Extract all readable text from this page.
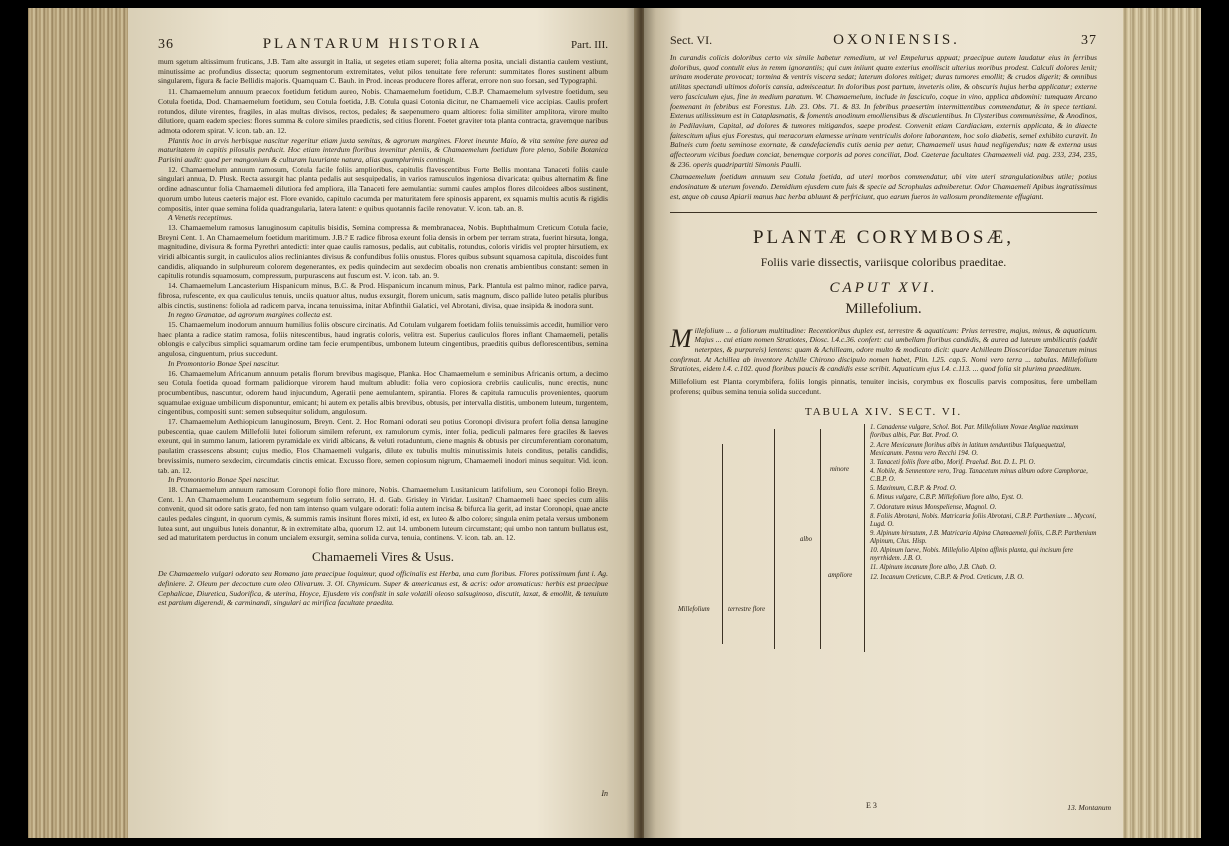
36	PLANTARUM HISTORIA	Part. III.

mum sgetum altissimum fruticans, J.B. Tam alte assurgit in Italia, ut segetes etiam superet; folia alterna posita, unciali distantia caulem vestiunt, minutissime ac profundius dissecta; quorum segmentorum extremitates, velut pilos tenuitate fere referunt: summitates flores sustinent album singularem, figura & facie Bellidis majoris. Quamquam C. Bauh. in Prod. inceas producere flores afferat, errore non suo forsan, sed Typographi.

11. Chamaemelum annuum praecox foetidum fetidum aureo, Nobis. Chamaemelum foetidum, C.B.P. Chamaemelum sylvestre foetidum, seu Cotula foetida, Dod. Chamaemelum foetidum, seu Cotula foetida, J.B. Cotula quasi Cotonia dicitur, ne Chamaemeli vice accipias. Caulis profert rotundos, dilute virentes, fragiles, in alas multas divisos, rectos, pedales; & saepenumero quam altiores: folia similiter amplitora, virore multo dilutiore, quam eadem species: flores summa & colore similes praedictis, sed citius florent. Foetet graviter tota planta contracta, gravemque naribus admota odorem spirat. V. icon. tab. an. 12.

Plantis hoc in arvis herbisque nascitur regeritur etiam juxta semitas, & agrorum margines. Floret ineunte Maio, & vita semine fere aurea ad maturitatem in capitis pilosulis perducit. Hoc etiam interdum floribus invenitur pleniis, & Chamaemelum foetidum flore pleno, Sobile Botanica Parisini audit: quod per mangonium & culturam luxuriante natura, alias quamplurimis contingit.

12. Chamaemelum annuum ramosum, Cotula facile foliis amplioribus, capitulis flavescentibus Forte Bellis montana Tanaceti foliis caule singulari annua, D. Plusk. Recta assurgit hac planta pedalis aut sesquipedalis, in varios ramusculos ingeniosa divaricata: quibus alternatim & fine ordine adnascuntur folia Chamaemeli dilutiora fed ampliora, illa Tanaceti fere aemulantia: summi caules amplos flores dilcoidees albos sustinent, quorum umbo luteus caeteris major est. Flore evanido, capitulo cacumda per maturitatem fere spinosis apparent, ex squamis multis acutis & rigidis compositis, inter quae semina folida quadrangularia, latera latent: e quibus quotannis facile renovatur. V. icon. tab. an. 8.

A Venetis receptimus.

13. Chamaemelum ramosus lanuginosum capitulis bisidis, Semina compressa & membranacea, Nobis. Buphthalmum Creticum Cotula facie, Breyni Cent. 1. An Chamaemelum foetidum maritimum. J.B.? E radice fibrosa exeunt folia densis in orbem per terram strata, fuerint hirsuta, longa, magnitudine, divisura & forma Pyrethri antedicti: inter quae caulis ramosus, pedalis, aut cubitalis, rotundus, coloris viridis vel propter hirsutiem, ex viridi albicantis surgit, in cauliculos alios recliniantes divisus & confundibus foliis onustus. Flores quibus subsunt squamosa capitula, discoides funt candidis, aliquando in sulphureum colorem degenerantes, ex pedis quindecim aut sexdecim oboalis non crenatis ambientibus constant: semen in capitulis rotundis squamosum, compressum, purpurascens aut fuscum est. V. icon. tab. an. 9.

14. Chamaemelum Lancasterium Hispanicum minus, B.C. & Prod. Hispanicum incanum minus, Park. Plantula est palmo minor, radice parva, fibrosa, rufescente, ex qua cauliculus tenuis, unciis quatuor altus, nudus exsurgit, florem unicum, satis magnum, disco pallide luteo petalis pluribus albis cinctis, sustinens: foliola ad radicem parva, incana tenuissima, initar Abfinthii Galatici, vel Abrotani, divisa, quae insipida & inodora sunt.

In regno Granatae, ad agrorum margines collecta est.

15. Chamaemelum inodorum annuum humilius foliis obscure circinatis. Ad Cotulam vulgarem foetidam foliis tenuissimis accedit, humilior vero haec planta a radice statim ramosa, foliis nitescentibus, haud ingratis coloris, velitra est. Superius cauliculos flores inflant Chamaemeli, petalis oblongis e calycibus simplici squamarum ordine tam fecie erumpentibus, umbonem luteum cingentibus, praeditis quibus deflorescentibus, semina angulosa, cinguentum, prius succedunt.

In Promontorio Bonae Spei nascitur.

16. Chamaemelum Africanum annuum petalis florum brevibus magisque, Planka. Hoc Chamaemelum e seminibus Africanis ortum, a decimo seu Cotula foetida quoad formam palidiorque virorem haud multum abludit: folia vero copiosiora crebriis cauliculis, nunc erectis, nunc procumbentibus, nascuntur, odorem haud injucundum, Ageratii pene aemulantem, spirantia. Flores & capitula ramuculis provenientes, quorum squamulae exiguae umbilicum disponuntur, emicant; hi autem ex petalis albis brevibus, obtusis, per intervalla distitis, umbonem luteum, turgentem, cingentibus, compositi sunt: semen subsequitur solidum, angulosum.

17. Chamaemelum Aethiopicum lanuginosum, Breyn. Cent. 2. Hoc Romani odorati seu potius Coronopi divisura profert folia densa lanugine pubescentia, quae caulem Millefolii lutei foliorum similem referunt, ex ramulorum cymis, inter folia, pediculi palmares fere graciles & laeves exeunt, qui in summo lanum, latiorem pyramidale ex viridi albicans, & veluti rotaduntum, ciene magnis & obtusis per circumferentiam coronatum, paulatim crassescens absunt; cujus medio, Flos Chamaemeli vulgaris, dilute ex tubulis multis minutissimis luteis conditus, petalis candidis, brevissimis, numero sexdecim, circumdatis cinctis emicat. Excusso flore, semen copiosum nigrum, Chamaemeli inodori minus sequitur. Vid. icon. tab. an. 12.

In Promontorio Bonae Spei nascitur.

18. Chamaemelum annuum ramosum Coronopi folio flore minore, Nobis. Chamaemelum Lusitanicum latifolium, seu Coronopi folio Breyn. Cent. 1. An Chamaemelum Leucanthemum segetum folio serrato, H. d. Gab. Grisley in Viridar. Lusitan? Chamaemeli haec species cum aliis convenit, quod sit odore satis grato, fed non tam intenso quam vulgare odorati: folia autem incisa & bifurca lia gerit, ad instar Coronopi, quae ancte caules pedales cingunt, in quorum cymis, & summis ramis insitunt flores mixti, id est, ex luteo & albo colore; singula enim petala versus umbonem lutea sunt, aut unguibus luteis donantur, & in extremitate alba, quorum 12. aut 14. umbonem luteum circumstant; qui umbo non tantum bullatus est, sed ad maturitatem perductus in conum uncialem exsurgit, semina solida curva, tenuia, continens. V. icon. tab. an. 12.

Chamaemeli Vires & Usus.

De Chamaemelo vulgari odorato seu Romano jam praecipue loquimur, quod officinalis est Herba, una cum floribus. Flores potissimum funt i. Ag. definiere. 2. Oleum per decoctum cum oleo Olivarum. 3. Ol. Chymicum. Super & americanus est, & acris: odor aromaticus: herbis est praecipue Cephalicae, Diuretica, Sudorifica, & uterina, Hoyce, Ejusdem vis confistit in sale volatili oleoso salsuginoso, discutit, laxat, & emollit, & tenuium est partium digerendi, & carminandi, singulari ac mirifica facultate praedita.

In
Sect. VI.	OXONIENSIS.	37

In curandis colicis doloribus certo vix simile habetur remedium, ut vel Empelurus appuat; praecipue autem laudatur eius in ferribus doloribus, quod contulit eius in remm ignorantiis; qui cum iniiunt quam exterius enolliscit ulterius moribus prodest. Calculi dolores lenit; urinam moderate provocat; tormina & ventris viscera sedat; laterum dolores mitiget; duras tumores emollit; & crudos digerit; & omnibus utilitas spectandi ultimos doloris cansia, admisceatur. In doloribus post partum, inveteris olim, & obscuris hujus herba applicatur; externe vero fasciculum ejus, fine in medium paratum. W. Chamaemelum, include in fasciculo, coque in vino, applica abdomini: tumquam Arcano foemenant in febribus est Forestus. Lib. 23. Obs. 71. & 83. In febribus praesertim intermittentibus commendatur, & in spece tertiani. Extenus utilissimum est in Cataplasmatis, & fomentis anodinum emolliensibus & discutientibus. In Clysteribus communissime, & Anodinos, in Pedilavium, Capital, ad dolores & tumores mitigandos, saepe prodest. Convenit etiam Cardiaciam, externis applicata, & in diaecte faitescitum ufius ejus Forestus, qui meracorum elamesse urinam ventriculis dolore laborantem, hoc solo diabetis, semel exhibito curavit. In Balneis cum foetu seminose exornate, & candefaciendis cutis aenia per aetur, Chamaemeli usus haud negligendus; nam & externa usus affecteorum vicibus foedum conciat, benemque corporis ad pores conciliat, Dod. Caeterae facultates Chamaemeli vid. pag. 233, 234, 235, & 236. operis quadripartiti Simonis Paulli.

Chamaemelum foetidum annuum seu Cotula foetida, ad uteri morbos commendatur, ubi vim uteri strangulationibus utile; potius endosinatum & uterum fovendo. Demidium ejusdem cum fuis & specie ad Scrophulas admiberetur. Odor Chamaemeli Apibus ingratissimus est, atque ob causa Apiarii manus hac herba abluunt & perfriciunt, quo earum fueros in vallosum pronditemente effugiant.

PLANTÆ CORYMBOSÆ,
Foliis varie dissectis, variisque coloribus praeditae.
CAPUT XVI.
Millefolium.

Millefolium ... a foliorum multitudine: Recentioribus duplex est, terrestre & aquaticum: Prius terrestre, majus, minus, & aquaticum. Majus ... cui etiam nomen Stratiotes, Diosc. l.4.c.36. confert: cui umbellam floribus candidis, & aurea ad luteum umbilicatis (addit neterptes, & purpureis) lentens: quam & Achilleam, odore multo & modicato dicit: quare Achilleam Dioscoridae Tanacetum minus confirmat. At Achillea ab inventore Achille Chirono discipulo nomen habet, Plin. l.25. cap.5. Nomi vero terra ... tabulas. Millefolium Stratiotes, eidem l.4. c.102. quod floribus paucis & candidis esse scribit. Aquaticum ejus l.4. c.113. ... quod folia sit plurima praeditum.

Millefolium est Planta corymbifera, foliis longis pinnatis, tenuiter incisis, corymbus ex flosculis parvis compositus, fere umbellam proferens; quibus semina tenuia solida succedunt.

TABULA XIV. SECT. VI.
Millefolium	terrestre flore
albo
minore
ampliore
1. Canadense vulgare, Schol. Bot. Par. Millefolium Novae Angliae maximum floribus albis, Par. Bat. Prod. O.
2. Acre Mexicanum floribus albis in latitum tenduntibus Tlalquequetzal, Mexicanum. Pennu vero Recchi 194. O.
3. Tanaceti foliis flore albo, Morif. Praelud. Bot. D. L. Pl. O.
4. Nobile, & Sennentore vero, Trag. Tanacetum minus album odore Camphorae, C.B.P. O.
5. Maximum, C.B.P. & Prod. O.
6. Minus vulgare, C.B.P. Millefolium flore albo, Eyst. O.
7. Odoratum minus Monspeliense, Magnol. O.
8. Foliis Abrotani, Nobis. Matricaria foliis Abrotani, C.B.P. Parthenium ... Myconi, Lugd. O.
9. Alpinum hirsutum, J.B. Matricaria Alpina Chamaemeli foliis, C.B.P. Parthenium Alpinum, Clus. Hisp.
10. Alpinum laeve, Nobis. Millefolio Alpino affinis planta, qui incisum fere myrrhidem. J.B. O.
11. Alpinum incanum flore albo, J.B. Chab. O.
12. Incanum Creticum, C.B.P. & Prod. Creticum, J.B. O.
E 3	13. Montanum
